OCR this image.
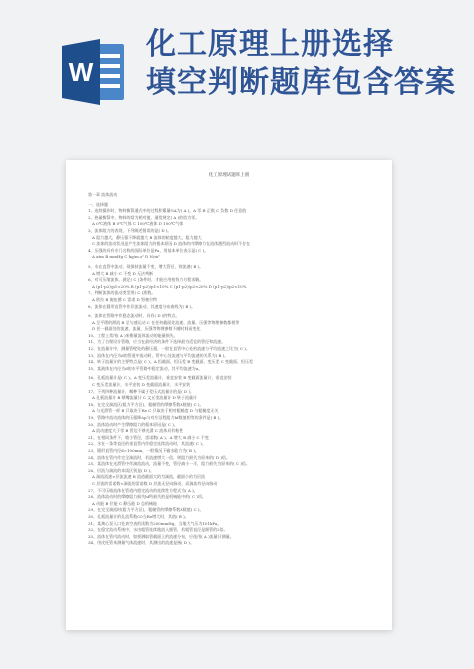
W
化工原理上册选择
填空判断题库包含答案
化工原理试题库上册
第一章 流体流动
一、选择题
1、连续操作时，物料衡算通式中的过程积累量GA为( A )。A 零 B 正数 C 负数 D 任意值
2、热量衡算中，物料的焓为相对值，通常规定( A )的焓为零。
A 0℃液体 B 0℃气体 C 100℃液体 D 100℃气体
3、流体阻力的表现，下列阐述错误的是( D )。
A 阻力越大，静压强下降就越大 B 流体的粘度越大，阻力越大
C 流体的流动状况是产生流体阻力的根本原因 D 流体的内摩擦力在流体激烈流动时不存在
4、压强的具有专门名称的国际单位是Pa，用基本单位表示是( C )。
A atm B mmHg C kg/m.s² D N/m²
5、水在直管中流动，现保持流量不变，增大管径，则流速( B )。
A 增大 B 减小 C 不变 D 无法判断
6、对可压缩流体，满足( C )条件时，才能应用柏努力方程求解。
A (p1-p2)/p1<20% B (p1-p2)/p1<10% C (p1-p2)/p2<20% D (p1-p2)/p2<10%
7、判断流体的流动类型用( C )准数。
A 欧拉 B 施伍德 C 雷诺 D 努塞尔特
8、流体在圆形直管中作层流流动，其速度分布曲线为( B )。
9、流体在管路中作稳态流动时，具有( D )的特点。
A 呈平缓的滞流 B 呈匀速运动 C 在任何截面处流速、流量、压强等物理参数都相等
D 任一截面处的流速、流量、压强等物理参数不随时间而变化
10、工程上常用( A )来衡量流体流动的能量损失。
11、为了合理设计管路，应当在最经济的条件下选择最为适宜的管径和流速。
12、在流量计中，测量管壁处的静压强，一般在直管中心处的流速与平均流速之比为( C )。
13、流体在内径为d的管道中流动时，管中心处流速与平均流速的关系为( B )。
14、转子流量计的主要特点是( C )。A 恒截面、恒压差 B 变截面、变压差 C 变截面、恒压差
15、某液体在内径为d的水平管路中稳定流动，其平均流速为u。
16、孔板流量计是( C )。A 变压差流量计，垂直安装 B 变截面流量计，垂直安装
C 变压差流量计，水平安装 D 变截面流量计，水平安装
17、下列四种流量计，哪种不属于差压式流量计的是( D )。
A 孔板流量计 B 喷嘴流量计 C 文丘里流量计 D 转子流量计
18、在完全湍流区(阻力平方区)，粗糙管的摩擦系数λ数值( C )。
A 与光滑管一样 B 只取决于Re C 只取决于相对粗糙度 D 与粗糙度无关
19、管路中流动流体的压强降Δp与对应沿程阻力hf数值相等的条件是( B )。
20、流体流动时产生摩擦阻力的根本原因是( C )。
A 流动速度大于零 B 管边不够光滑 C 流体具有粘性
21、在相同条件下，缩小管径，雷诺数( A )。A 增大 B 减小 C 不变
22、水在一条等直径的垂直管内作稳定连续流动时，其流速( C )。
23、圆形直管内径d=100mm，一般情况下输水能力为( B )。
24、流体在管内作完全湍流时，若流速增大一倍，则阻力损失为原来的( D )倍。
25、某流体在光滑管中作湍流流动，流量不变，管径减小一半，阻力损失为原来的( C )倍。
26、层流与湍流的本质区别是( D )。
A 湍流流速>层流流速 B 流道截面大的为湍流，截面小的为层流
C 层流的雷诺数<湍流的雷诺数 D 层流无径向脉动，而湍流有径向脉动
27、不可压缩流体在管道内稳定流动的连续性方程式为( A )。
28、流体流动时的摩擦阻力损失hf所损失的是机械能中的( C )项。
A 动能 B 位能 C 静压能 D 总机械能
29、在完全湍流时(阻力平方区)，粗糙管的摩擦系数λ数值( C )。
30、孔板流量计的孔流系数C0当Re增大时，其值( B )。
31、某离心泵入口处真空表的读数为200mmHg，当地大气压为101kPa。
32、在稳定流动系统中，水由粗管连续地流入细管，若粗管直径是细管的2倍。
33、流体在管内流动时，如要测取管截面上的流速分布，应选用( A )流量计测量。
34、用皮托管来测量气体流速时，其测出的流速是指( D )。
